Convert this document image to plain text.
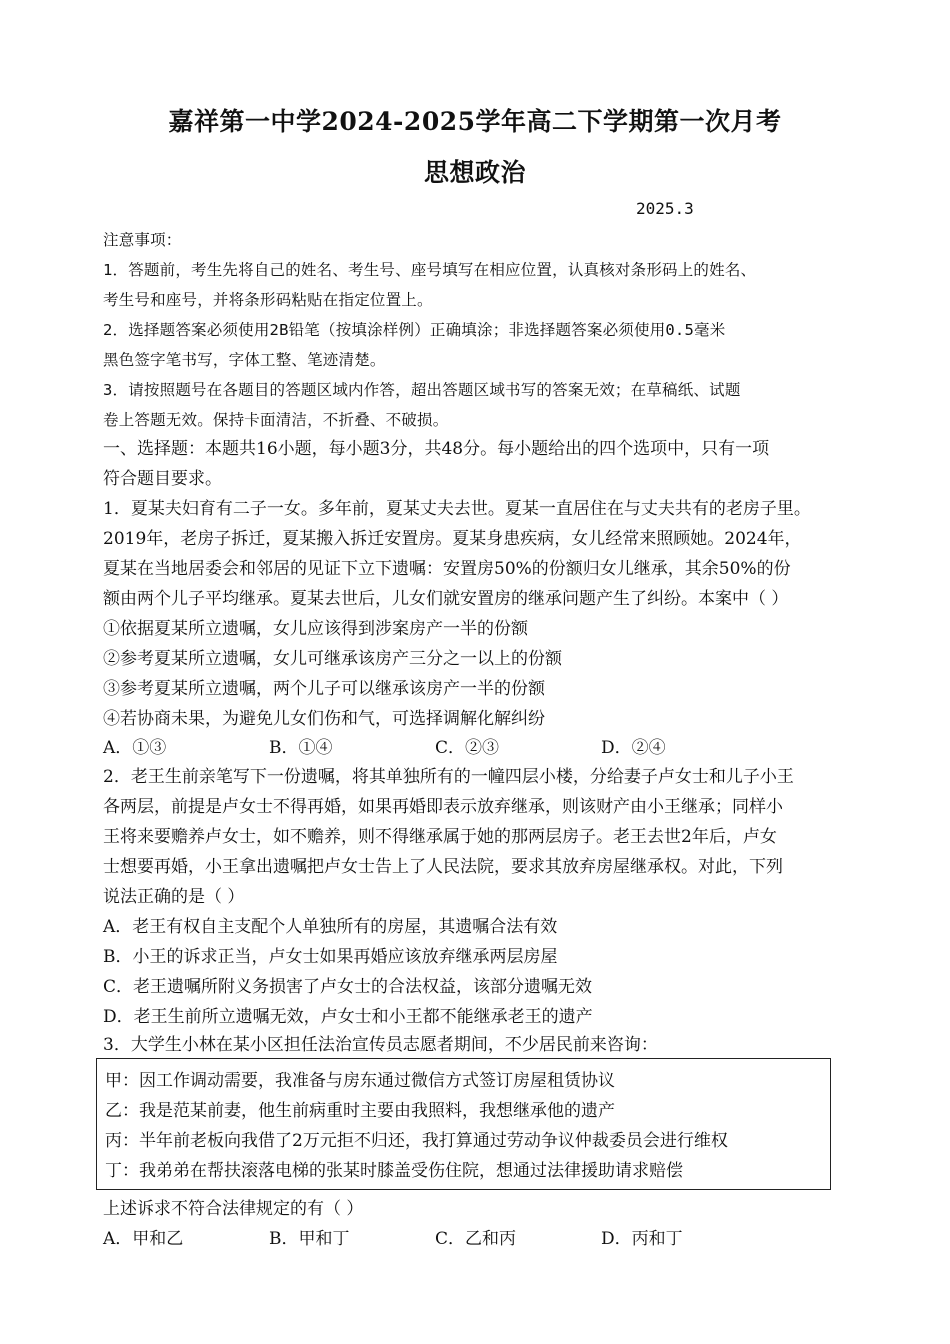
嘉祥第一中学2024-2025学年高二下学期第一次月考
思想政治
2025.3
注意事项：
1．答题前，考生先将自己的姓名、考生号、座号填写在相应位置，认真核对条形码上的姓名、
考生号和座号，并将条形码粘贴在指定位置上。
2．选择题答案必须使用2B铅笔（按填涂样例）正确填涂；非选择题答案必须使用0.5毫米
黑色签字笔书写，字体工整、笔迹清楚。
3．请按照题号在各题目的答题区域内作答，超出答题区域书写的答案无效；在草稿纸、试题
卷上答题无效。保持卡面清洁，不折叠、不破损。
一、选择题：本题共16小题，每小题3分，共48分。每小题给出的四个选项中，只有一项
符合题目要求。
1．夏某夫妇育有二子一女。多年前，夏某丈夫去世。夏某一直居住在与丈夫共有的老房子里。
2019年，老房子拆迁，夏某搬入拆迁安置房。夏某身患疾病，女儿经常来照顾她。2024年，
夏某在当地居委会和邻居的见证下立下遗嘱：安置房50%的份额归女儿继承，其余50%的份
额由两个儿子平均继承。夏某去世后，儿女们就安置房的继承问题产生了纠纷。本案中（ ）
①依据夏某所立遗嘱，女儿应该得到涉案房产一半的份额
②参考夏某所立遗嘱，女儿可继承该房产三分之一以上的份额
③参考夏某所立遗嘱，两个儿子可以继承该房产一半的份额
④若协商未果，为避免儿女们伤和气，可选择调解化解纠纷
A．①③	B．①④	C．②③	D．②④
2．老王生前亲笔写下一份遗嘱，将其单独所有的一幢四层小楼，分给妻子卢女士和儿子小王
各两层，前提是卢女士不得再婚，如果再婚即表示放弃继承，则该财产由小王继承；同样小
王将来要赡养卢女士，如不赡养，则不得继承属于她的那两层房子。老王去世2年后，卢女
士想要再婚，小王拿出遗嘱把卢女士告上了人民法院，要求其放弃房屋继承权。对此，下列
说法正确的是（ ）
A．老王有权自主支配个人单独所有的房屋，其遗嘱合法有效
B．小王的诉求正当，卢女士如果再婚应该放弃继承两层房屋
C．老王遗嘱所附义务损害了卢女士的合法权益，该部分遗嘱无效
D．老王生前所立遗嘱无效，卢女士和小王都不能继承老王的遗产
3．大学生小林在某小区担任法治宣传员志愿者期间，不少居民前来咨询：
甲：因工作调动需要，我准备与房东通过微信方式签订房屋租赁协议
乙：我是范某前妻，他生前病重时主要由我照料，我想继承他的遗产
丙：半年前老板向我借了2万元拒不归还，我打算通过劳动争议仲裁委员会进行维权
丁：我弟弟在帮扶滚落电梯的张某时膝盖受伤住院，想通过法律援助请求赔偿
上述诉求不符合法律规定的有（ ）
A．甲和乙	B．甲和丁	C．乙和丙	D．丙和丁
